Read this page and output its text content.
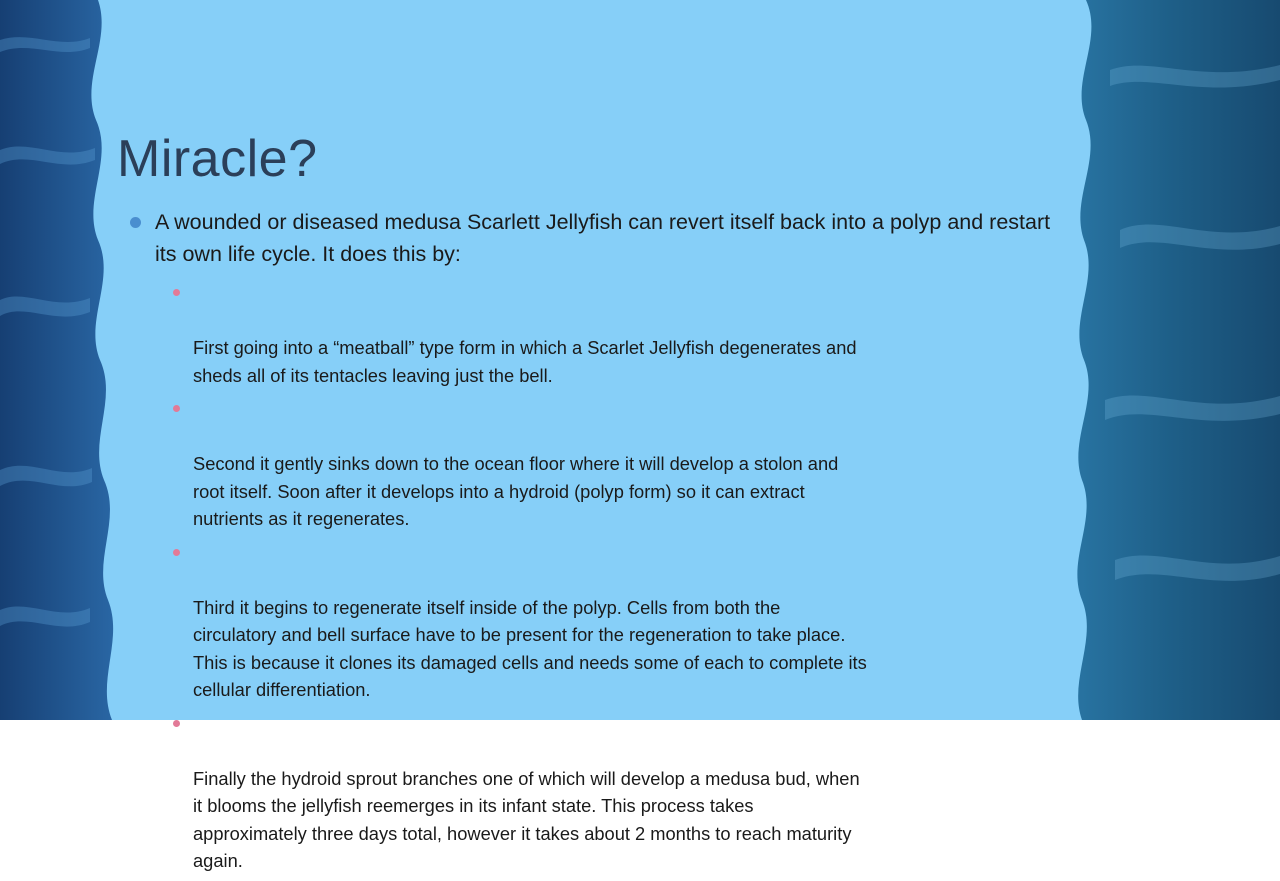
Miracle?
A wounded or diseased medusa Scarlett Jellyfish can revert itself back into a polyp and restart its own life cycle. It does this by:

First going into a “meatball” type form in which a Scarlet Jellyfish degenerates and
sheds all of its tentacles leaving just the bell.

Second it gently sinks down to the ocean floor where it will develop a stolon and
root itself. Soon after it develops into a hydroid (polyp form) so it can extract
nutrients as it regenerates.

Third it begins to regenerate itself inside of the polyp. Cells from both the
circulatory and bell surface have to be present for the regeneration to take place.
This is because it clones its damaged cells and needs some of each to complete its
cellular differentiation.

Finally the hydroid sprout branches one of which will develop a medusa bud, when
it blooms the jellyfish reemerges in its infant state. This process takes
approximately three days total, however it takes about 2 months to reach maturity
again.
